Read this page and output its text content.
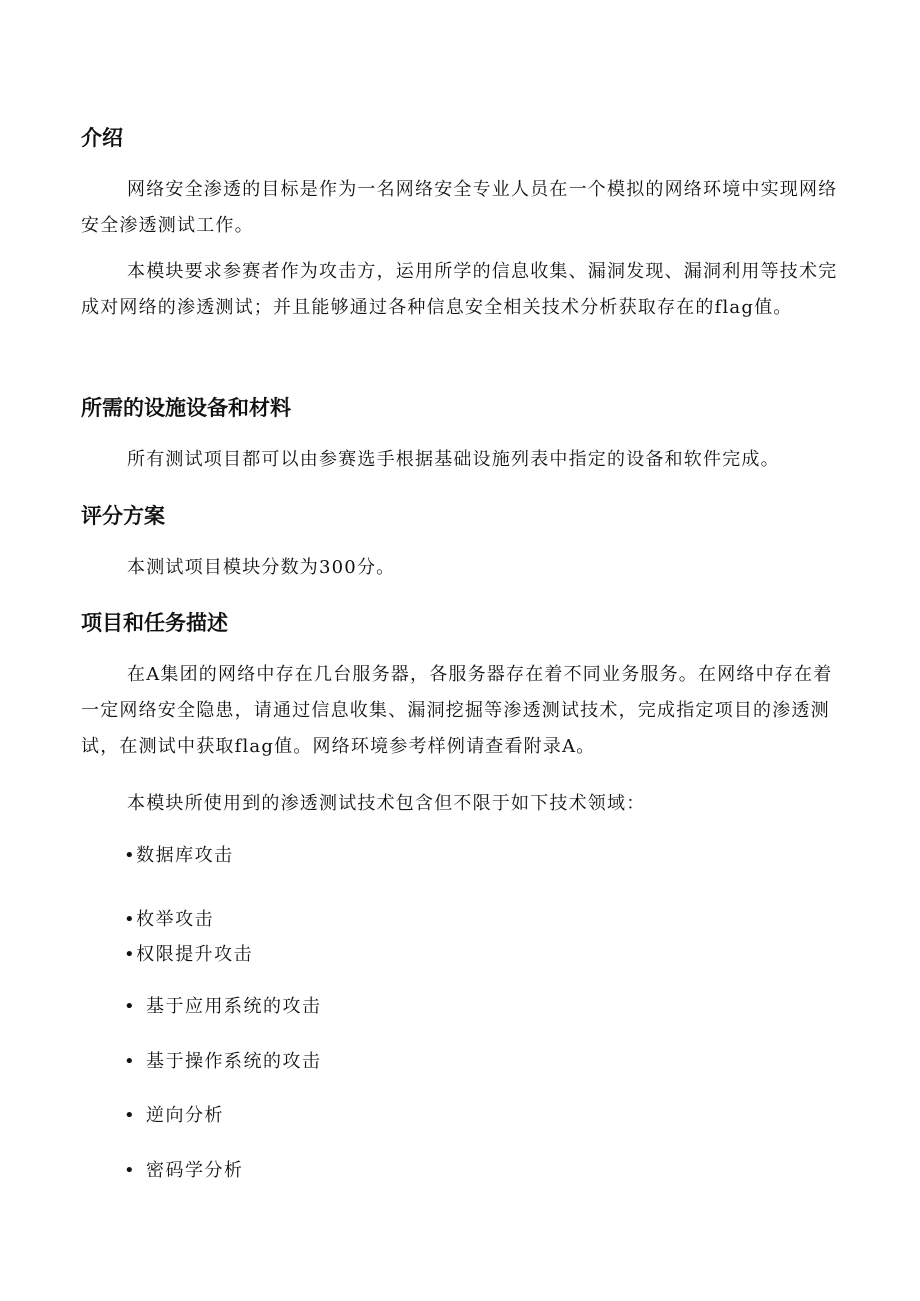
介绍

网络安全渗透的目标是作为一名网络安全专业人员在一个模拟的网络环境中实现网络安全渗透测试工作。

本模块要求参赛者作为攻击方，运用所学的信息收集、漏洞发现、漏洞利用等技术完成对网络的渗透测试；并且能够通过各种信息安全相关技术分析获取存在的flag值。

所需的设施设备和材料

所有测试项目都可以由参赛选手根据基础设施列表中指定的设备和软件完成。

评分方案

本测试项目模块分数为300分。

项目和任务描述

在A集团的网络中存在几台服务器，各服务器存在着不同业务服务。在网络中存在着一定网络安全隐患，请通过信息收集、漏洞挖掘等渗透测试技术，完成指定项目的渗透测试，在测试中获取flag值。网络环境参考样例请查看附录A。

本模块所使用到的渗透测试技术包含但不限于如下技术领域：

•数据库攻击
•枚举攻击
•权限提升攻击
• 基于应用系统的攻击
• 基于操作系统的攻击
• 逆向分析
• 密码学分析
